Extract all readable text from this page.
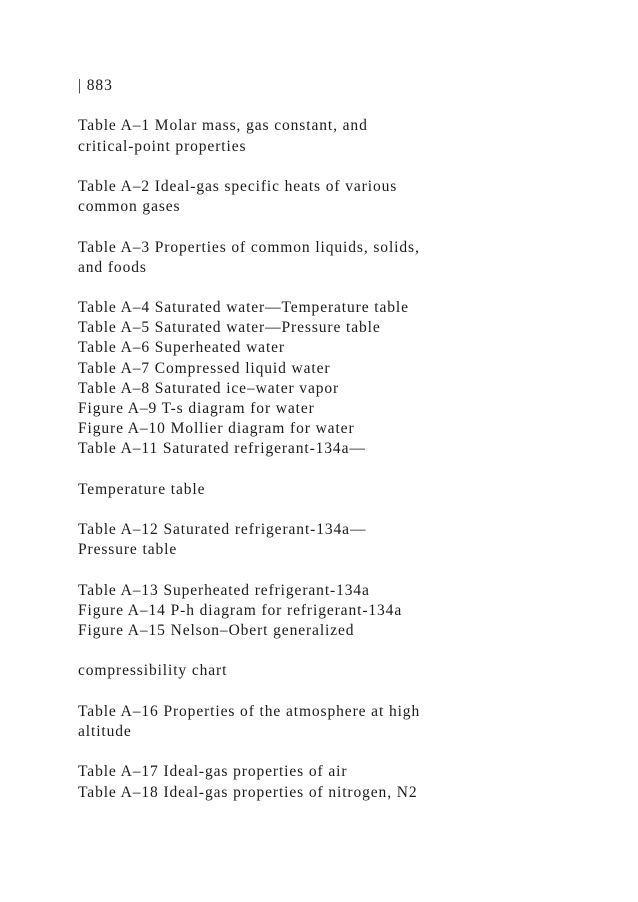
| 883
Table A–1 Molar mass, gas constant, and
critical-point properties
Table A–2 Ideal-gas specific heats of various
common gases
Table A–3 Properties of common liquids, solids,
and foods
Table A–4 Saturated water—Temperature table
Table A–5 Saturated water—Pressure table
Table A–6 Superheated water
Table A–7 Compressed liquid water
Table A–8 Saturated ice–water vapor
Figure A–9 T-s diagram for water
Figure A–10 Mollier diagram for water
Table A–11 Saturated refrigerant-134a—
Temperature table
Table A–12 Saturated refrigerant-134a—
Pressure table
Table A–13 Superheated refrigerant-134a
Figure A–14 P-h diagram for refrigerant-134a
Figure A–15 Nelson–Obert generalized
compressibility chart
Table A–16 Properties of the atmosphere at high
altitude
Table A–17 Ideal-gas properties of air
Table A–18 Ideal-gas properties of nitrogen, N2
